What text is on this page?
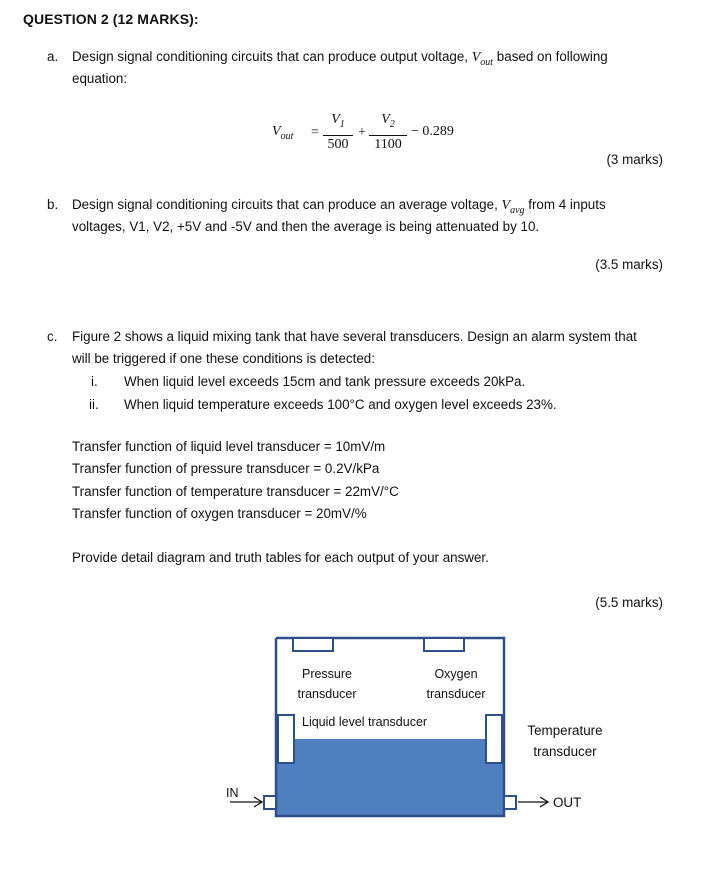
QUESTION 2 (12 MARKS):
a. Design signal conditioning circuits that can produce output voltage, $V_{out}$ based on following
equation:
$V_{out}$ =
$V_1$
500
+
$V_2$
1100
− 0.289
(3 marks)
b. Design signal conditioning circuits that can produce an average voltage, $V_{avg}$ from 4 inputs
voltages, V1, V2, +5V and -5V and then the average is being attenuated by 10.
(3.5 marks)
c. Figure 2 shows a liquid mixing tank that have several transducers. Design an alarm system that
will be triggered if one these conditions is detected:
i. When liquid level exceeds 15cm and tank pressure exceeds 20kPa.
ii. When liquid temperature exceeds 100°C and oxygen level exceeds 23%.
Transfer function of liquid level transducer = 10mV/m
Transfer function of pressure transducer = 0.2V/kPa
Transfer function of temperature transducer = 22mV/°C
Transfer function of oxygen transducer = 20mV/%
Provide detail diagram and truth tables for each output of your answer.
(5.5 marks)
Pressure
transducer
Oxygen
transducer
Liquid level transducer
Temperature
transducer
IN
OUT
